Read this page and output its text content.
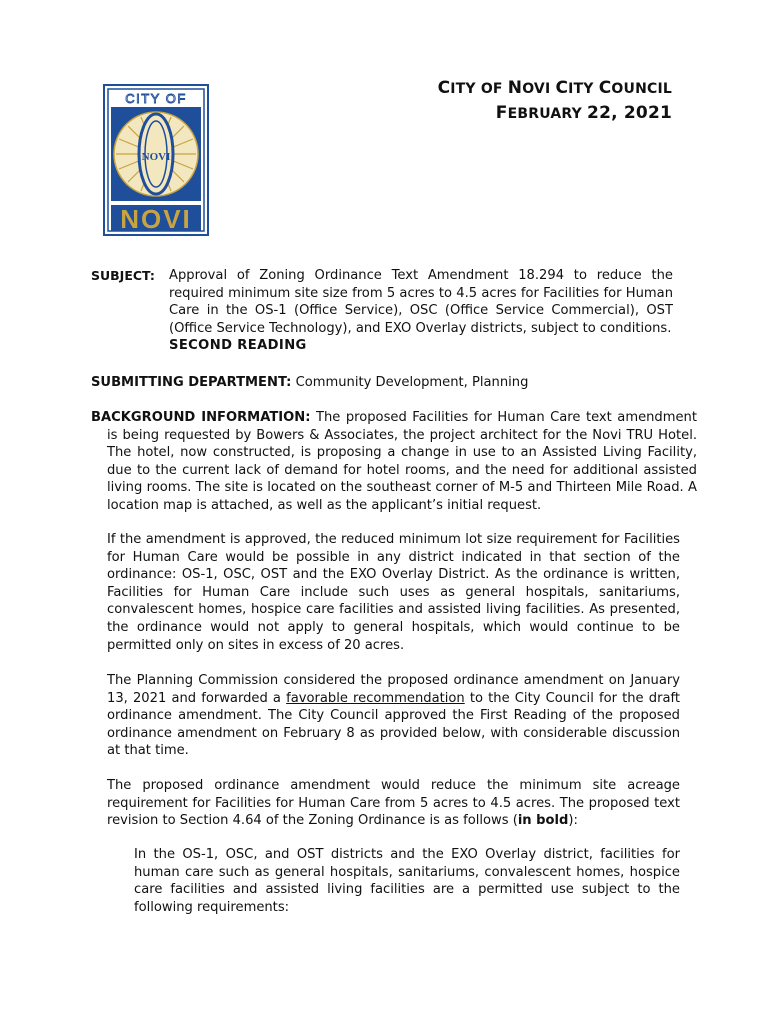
CITY OF
NOVI
NOVI
CITY OF NOVI CITY COUNCIL
FEBRUARY 22, 2021
SUBJECT: Approval of Zoning Ordinance Text Amendment 18.294 to reduce the required minimum site size from 5 acres to 4.5 acres for Facilities for Human Care in the OS-1 (Office Service), OSC (Office Service Commercial), OST (Office Service Technology), and EXO Overlay districts, subject to conditions.
SECOND READING
SUBMITTING DEPARTMENT: Community Development, Planning
BACKGROUND INFORMATION: The proposed Facilities for Human Care text amendment is being requested by Bowers & Associates, the project architect for the Novi TRU Hotel. The hotel, now constructed, is proposing a change in use to an Assisted Living Facility, due to the current lack of demand for hotel rooms, and the need for additional assisted living rooms. The site is located on the southeast corner of M-5 and Thirteen Mile Road. A location map is attached, as well as the applicant’s initial request.
If the amendment is approved, the reduced minimum lot size requirement for Facilities for Human Care would be possible in any district indicated in that section of the ordinance: OS-1, OSC, OST and the EXO Overlay District. As the ordinance is written, Facilities for Human Care include such uses as general hospitals, sanitariums, convalescent homes, hospice care facilities and assisted living facilities. As presented, the ordinance would not apply to general hospitals, which would continue to be permitted only on sites in excess of 20 acres.
The Planning Commission considered the proposed ordinance amendment on January 13, 2021 and forwarded a favorable recommendation to the City Council for the draft ordinance amendment. The City Council approved the First Reading of the proposed ordinance amendment on February 8 as provided below, with considerable discussion at that time.
The proposed ordinance amendment would reduce the minimum site acreage requirement for Facilities for Human Care from 5 acres to 4.5 acres. The proposed text revision to Section 4.64 of the Zoning Ordinance is as follows (in bold):
In the OS-1, OSC, and OST districts and the EXO Overlay district, facilities for human care such as general hospitals, sanitariums, convalescent homes, hospice care facilities and assisted living facilities are a permitted use subject to the following requirements:
